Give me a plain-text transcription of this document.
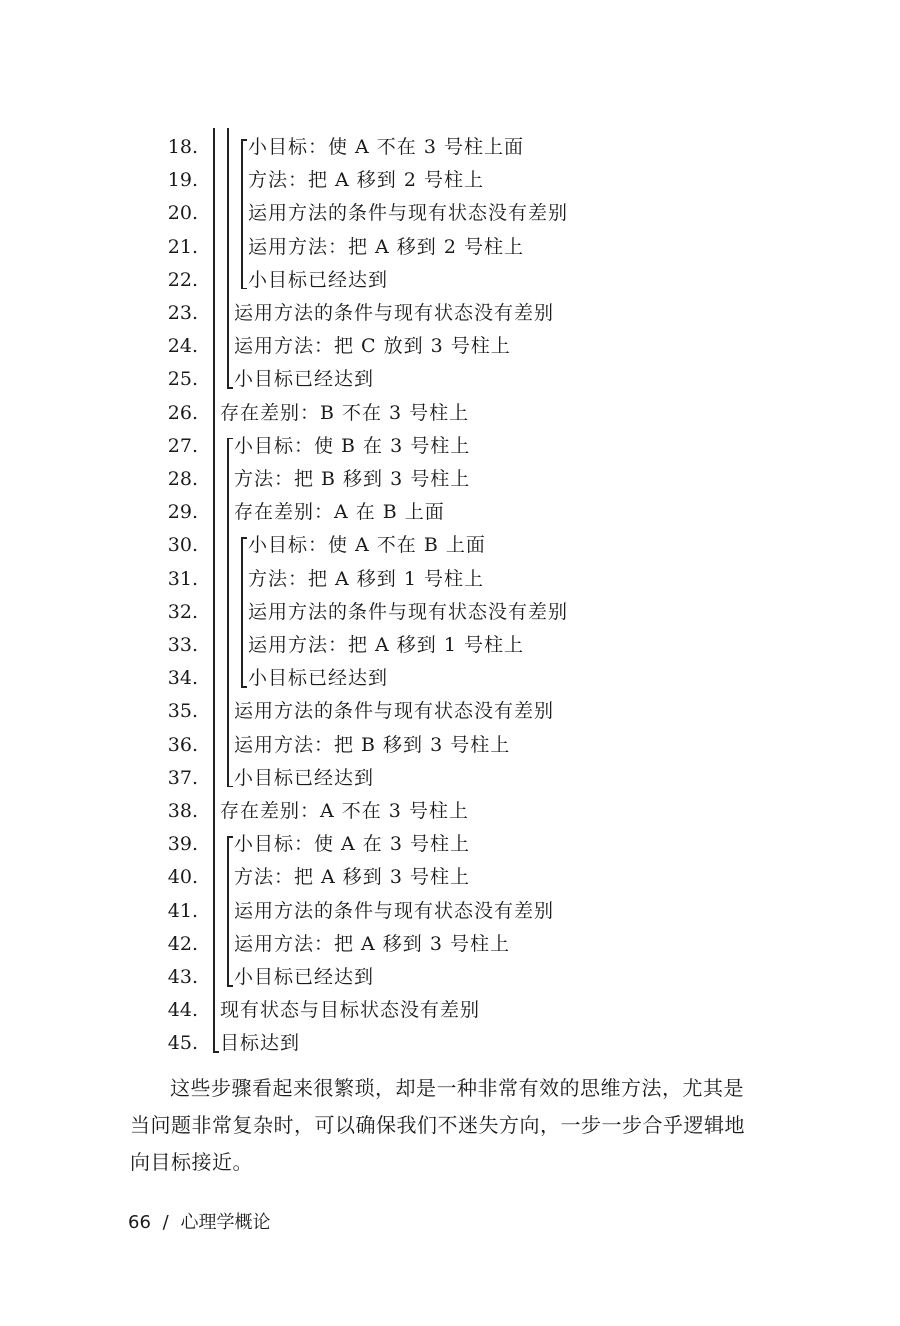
18.	小目标：使 A 不在 3 号柱上面
19.	方法：把 A 移到 2 号柱上
20.	运用方法的条件与现有状态没有差别
21.	运用方法：把 A 移到 2 号柱上
22.	小目标已经达到
23. 运用方法的条件与现有状态没有差别
24. 运用方法：把 C 放到 3 号柱上
25. 小目标已经达到
26. 存在差别：B 不在 3 号柱上
27. 小目标：使 B 在 3 号柱上
28. 方法：把 B 移到 3 号柱上
29. 存在差别：A 在 B 上面
30.	小目标：使 A 不在 B 上面
31.	方法：把 A 移到 1 号柱上
32.	运用方法的条件与现有状态没有差别
33.	运用方法：把 A 移到 1 号柱上
34.	小目标已经达到
35. 运用方法的条件与现有状态没有差别
36. 运用方法：把 B 移到 3 号柱上
37. 小目标已经达到
38. 存在差别：A 不在 3 号柱上
39. 小目标：使 A 在 3 号柱上
40. 方法：把 A 移到 3 号柱上
41. 运用方法的条件与现有状态没有差别
42. 运用方法：把 A 移到 3 号柱上
43. 小目标已经达到
44. 现有状态与目标状态没有差别
45. 目标达到
这些步骤看起来很繁琐，却是一种非常有效的思维方法，尤其是
当问题非常复杂时，可以确保我们不迷失方向，一步一步合乎逻辑地
向目标接近。
66 / 心理学概论
